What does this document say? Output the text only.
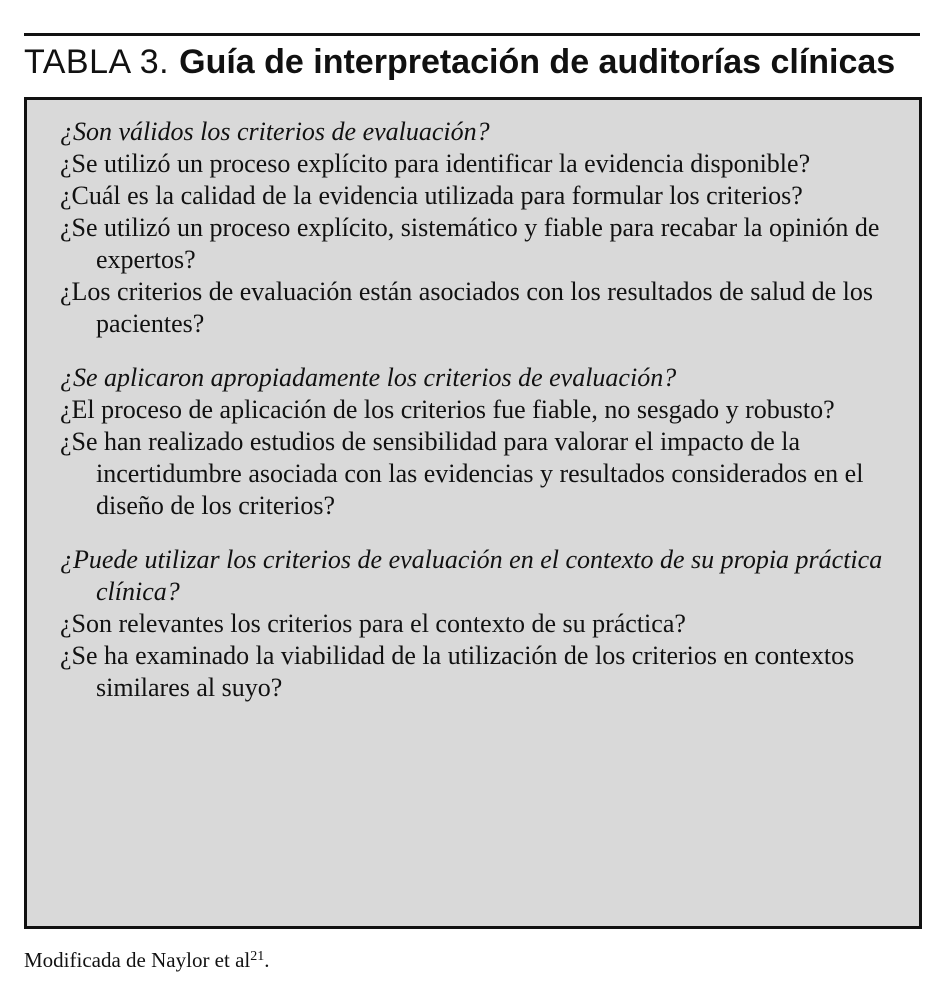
TABLA 3. Guía de interpretación de auditorías clínicas
¿Son válidos los criterios de evaluación?
¿Se utilizó un proceso explícito para identificar la evidencia disponible?
¿Cuál es la calidad de la evidencia utilizada para formular los criterios?
¿Se utilizó un proceso explícito, sistemático y fiable para recabar la opinión de expertos?
¿Los criterios de evaluación están asociados con los resultados de salud de los pacientes?
¿Se aplicaron apropiadamente los criterios de evaluación?
¿El proceso de aplicación de los criterios fue fiable, no sesgado y robusto?
¿Se han realizado estudios de sensibilidad para valorar el impacto de la incertidumbre asociada con las evidencias y resultados considerados en el diseño de los criterios?
¿Puede utilizar los criterios de evaluación en el contexto de su propia práctica clínica?
¿Son relevantes los criterios para el contexto de su práctica?
¿Se ha examinado la viabilidad de la utilización de los criterios en contextos similares al suyo?
Modificada de Naylor et $al^{21}$.
